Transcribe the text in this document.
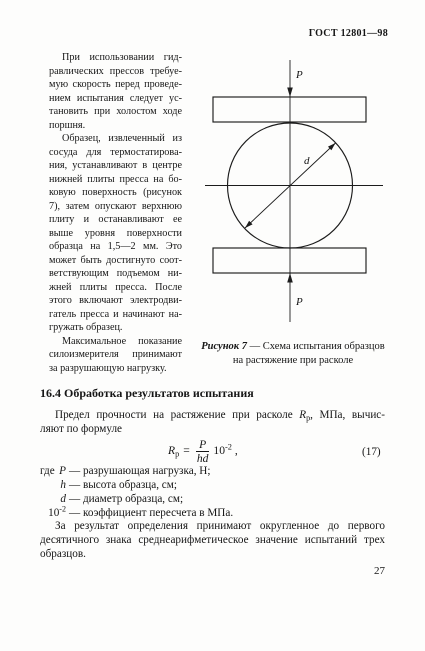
ГОСТ 12801—98
При использовании гид-
равлических прессов требуе-
мую скорость перед проведе-
нием испытания следует ус-
тановить при холостом ходе
поршня.
Образец, извлеченный из
сосуда для термостатирова-
ния, устанавливают в центре
нижней плиты пресса на бо-
ковую поверхность (рисунок
7), затем опускают верхнюю
плиту и останавливают ее
выше уровня поверхности
образца на 1,5—2 мм. Это
может быть достигнуто соот-
ветствующим подъемом ни-
жней плиты пресса. После
этого включают электродви-
гатель пресса и начинают на-
гружать образец.
Максимальное показание
силоизмерителя принимают
за разрушающую нагрузку.
P
P
d
Рисунок 7 — Схема испытания образцов
на растяжение при расколе
16.4 Обработка результатов испытания
Предел прочности на растяжение при расколе $R_р$, МПа, вычис-
ляют по формуле
$R_р = \frac{P}{hd} 10^{-2}$ ,	(17)
где P — разрушающая нагрузка, Н;
h — высота образца, см;
d — диаметр образца, см;
$10^{-2}$ — коэффициент пересчета в МПа.
За результат определения принимают округленное до первого
десятичного знака среднеарифметическое значение испытаний трех
образцов.
27
